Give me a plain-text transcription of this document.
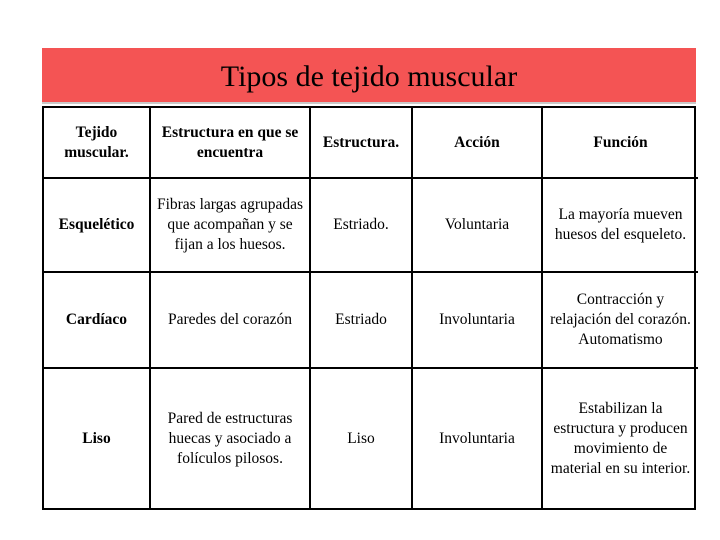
Tipos de tejido muscular
Tejido muscular.	Estructura en que se encuentra	Estructura.	Acción	Función
Esquelético	Fibras largas agrupadas que acompañan y se fijan a los huesos.	Estriado.	Voluntaria	La mayoría mueven huesos del esqueleto.
Cardíaco	Paredes del corazón	Estriado	Involuntaria	Contracción y relajación del corazón. Automatismo
Liso	Pared de estructuras huecas y asociado a folículos pilosos.	Liso	Involuntaria	Estabilizan la estructura y producen movimiento de material en su interior.
